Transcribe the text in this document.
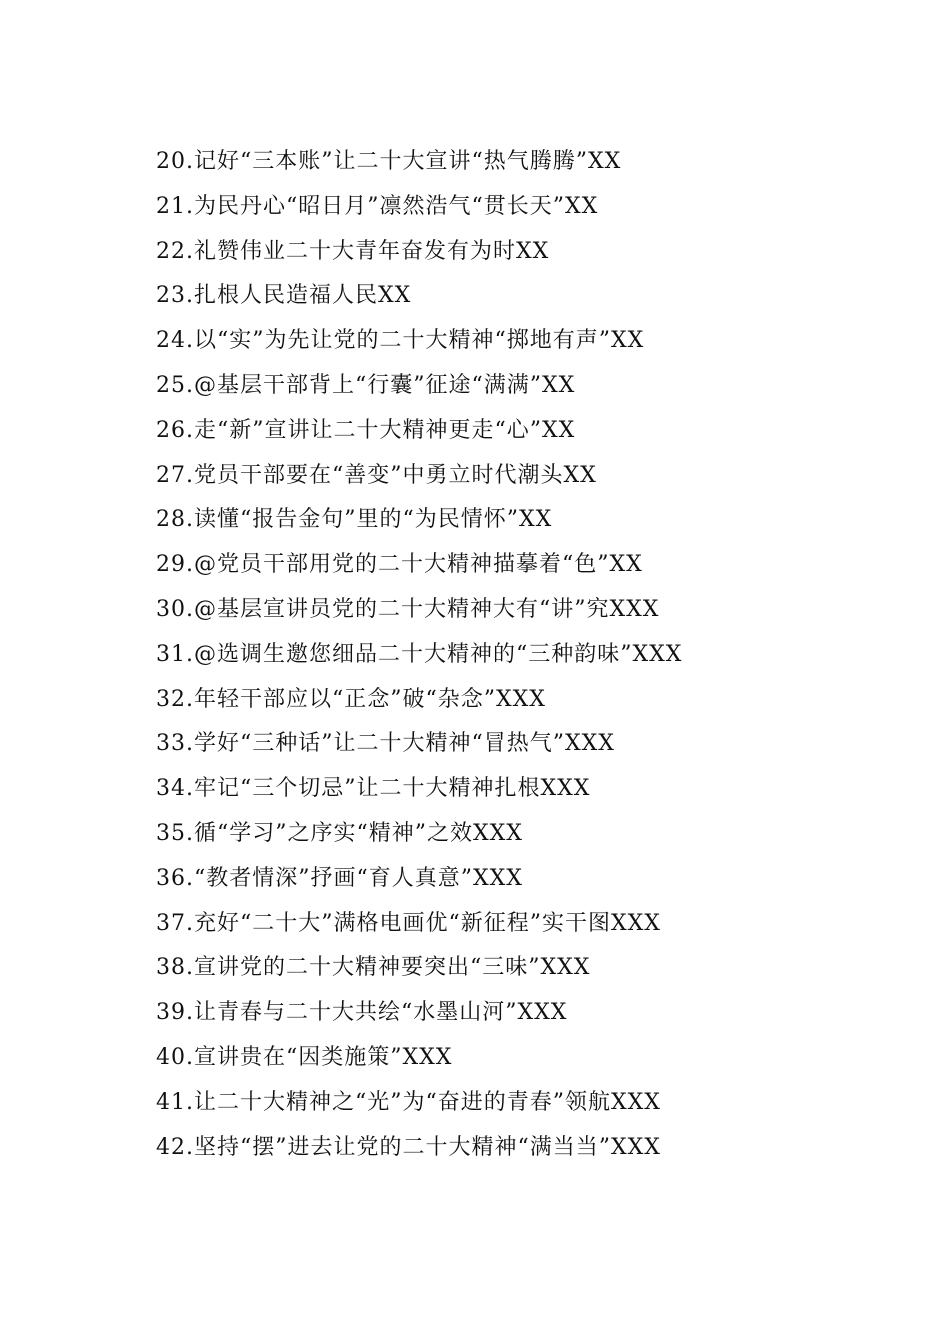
20.记好“三本账”让二十大宣讲“热气腾腾”XX
21.为民丹心“昭日月”凛然浩气“贯长天”XX
22.礼赞伟业二十大青年奋发有为时XX
23.扎根人民造福人民XX
24.以“实”为先让党的二十大精神“掷地有声”XX
25.@基层干部背上“行囊”征途“满满”XX
26.走“新”宣讲让二十大精神更走“心”XX
27.党员干部要在“善变”中勇立时代潮头XX
28.读懂“报告金句”里的“为民情怀”XX
29.@党员干部用党的二十大精神描摹着“色”XX
30.@基层宣讲员党的二十大精神大有“讲”究XXX
31.@选调生邀您细品二十大精神的“三种韵味”XXX
32.年轻干部应以“正念”破“杂念”XXX
33.学好“三种话”让二十大精神“冒热气”XXX
34.牢记“三个切忌”让二十大精神扎根XXX
35.循“学习”之序实“精神”之效XXX
36.“教者情深”抒画“育人真意”XXX
37.充好“二十大”满格电画优“新征程”实干图XXX
38.宣讲党的二十大精神要突出“三味”XXX
39.让青春与二十大共绘“水墨山河”XXX
40.宣讲贵在“因类施策”XXX
41.让二十大精神之“光”为“奋进的青春”领航XXX
42.坚持“摆”进去让党的二十大精神“满当当”XXX
